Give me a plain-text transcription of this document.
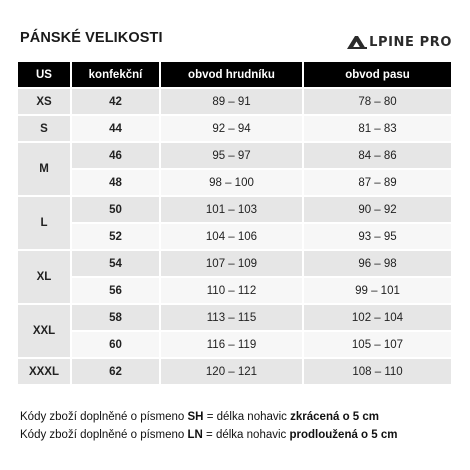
PÁNSKÉ VELIKOSTI	LPINE PRO
US	konfekční	obvod hrudníku	obvod pasu
XS	42	89 – 91	78 – 80
S	44	92 – 94	81 – 83
M	46	95 – 97	84 – 86
	48	98 – 100	87 – 89
L	50	101 – 103	90 – 92
	52	104 – 106	93 – 95
XL	54	107 – 109	96 – 98
	56	110 – 112	99 – 101
XXL	58	113 – 115	102 – 104
	60	116 – 119	105 – 107
XXXL	62	120 – 121	108 – 110
Kódy zboží doplněné o písmeno SH = délka nohavic zkrácená o 5 cm
Kódy zboží doplněné o písmeno LN = délka nohavic prodloužená o 5 cm
